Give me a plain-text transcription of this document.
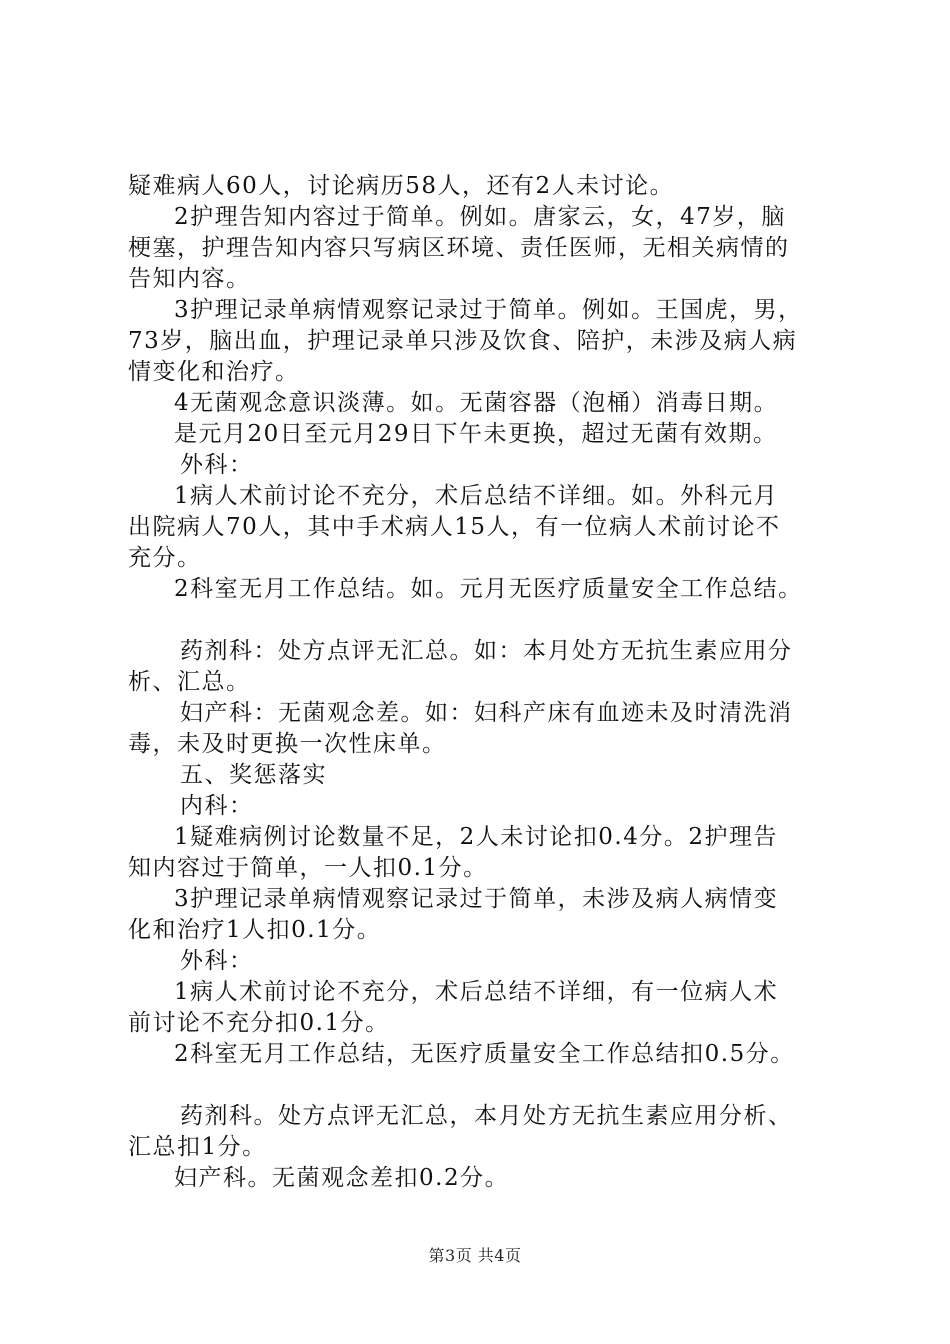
疑难病人60人，讨论病历58人，还有2人未讨论。
2护理告知内容过于简单。例如。唐家云，女，47岁，脑
梗塞，护理告知内容只写病区环境、责任医师，无相关病情的
告知内容。
3护理记录单病情观察记录过于简单。例如。王国虎，男，
73岁，脑出血，护理记录单只涉及饮食、陪护，未涉及病人病
情变化和治疗。
4无菌观念意识淡薄。如。无菌容器（泡桶）消毒日期。
是元月20日至元月29日下午未更换，超过无菌有效期。
外科：
1病人术前讨论不充分，术后总结不详细。如。外科元月
出院病人70人，其中手术病人15人，有一位病人术前讨论不
充分。
2科室无月工作总结。如。元月无医疗质量安全工作总结。
药剂科：处方点评无汇总。如：本月处方无抗生素应用分
析、汇总。
妇产科：无菌观念差。如：妇科产床有血迹未及时清洗消
毒，未及时更换一次性床单。
五、奖惩落实
内科：
1疑难病例讨论数量不足，2人未讨论扣0.4分。2护理告
知内容过于简单，一人扣0.1分。
3护理记录单病情观察记录过于简单，未涉及病人病情变
化和治疗1人扣0.1分。
外科：
1病人术前讨论不充分，术后总结不详细，有一位病人术
前讨论不充分扣0.1分。
2科室无月工作总结，无医疗质量安全工作总结扣0.5分。
药剂科。处方点评无汇总，本月处方无抗生素应用分析、
汇总扣1分。
妇产科。无菌观念差扣0.2分。
第3页 共4页
